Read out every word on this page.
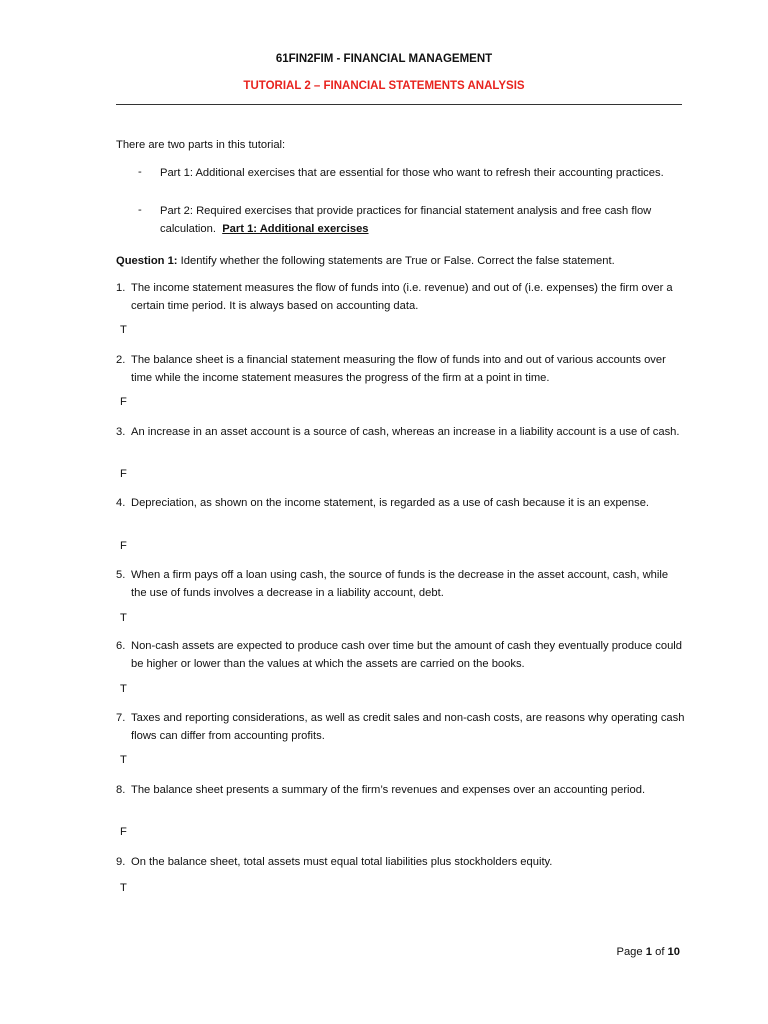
61FIN2FIM - FINANCIAL MANAGEMENT
TUTORIAL 2 – FINANCIAL STATEMENTS ANALYSIS
There are two parts in this tutorial:
- Part 1: Additional exercises that are essential for those who want to refresh their accounting practices.
- Part 2: Required exercises that provide practices for financial statement analysis and free cash flow calculation. Part 1: Additional exercises
Question 1: Identify whether the following statements are True or False. Correct the false statement.
1. The income statement measures the flow of funds into (i.e. revenue) and out of (i.e. expenses) the firm over a certain time period. It is always based on accounting data.
T
2. The balance sheet is a financial statement measuring the flow of funds into and out of various accounts over time while the income statement measures the progress of the firm at a point in time.
F
3. An increase in an asset account is a source of cash, whereas an increase in a liability account is a use of cash.
F
4. Depreciation, as shown on the income statement, is regarded as a use of cash because it is an expense.
F
5. When a firm pays off a loan using cash, the source of funds is the decrease in the asset account, cash, while the use of funds involves a decrease in a liability account, debt.
T
6. Non-cash assets are expected to produce cash over time but the amount of cash they eventually produce could be higher or lower than the values at which the assets are carried on the books.
T
7. Taxes and reporting considerations, as well as credit sales and non-cash costs, are reasons why operating cash flows can differ from accounting profits.
T
8. The balance sheet presents a summary of the firm’s revenues and expenses over an accounting period.
F
9. On the balance sheet, total assets must equal total liabilities plus stockholders equity.
T
Page 1 of 10
